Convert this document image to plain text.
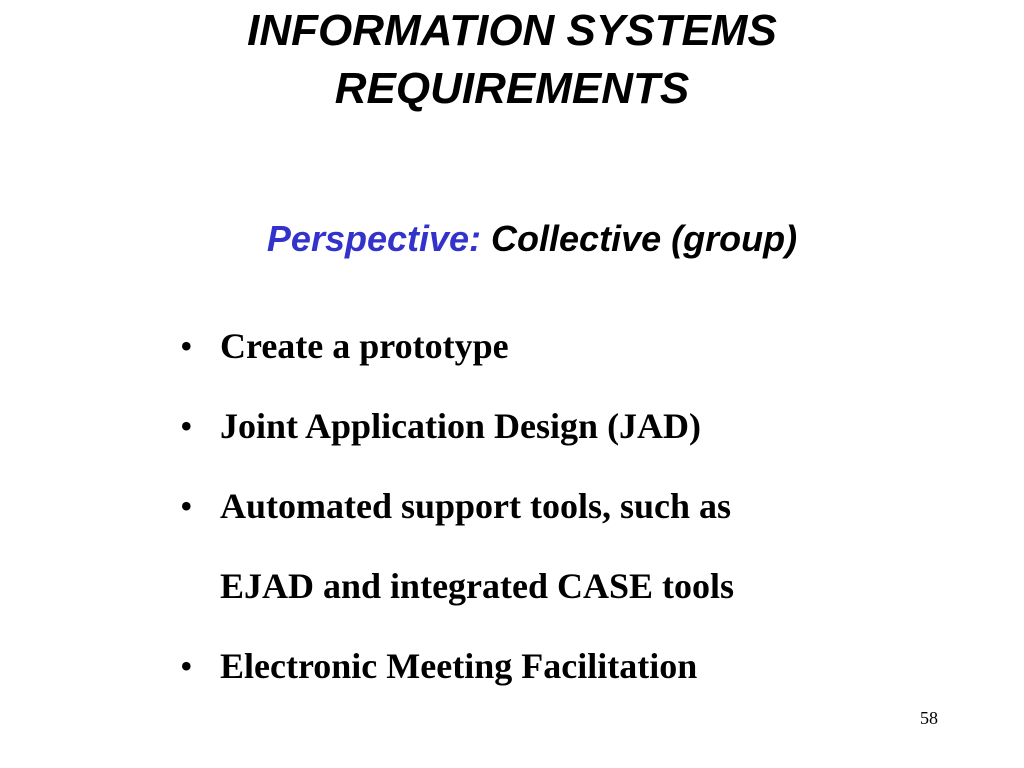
INFORMATION SYSTEMS
REQUIREMENTS
Perspective: Collective (group)
• Create a prototype
• Joint Application Design (JAD)
• Automated support tools, such as
EJAD and integrated CASE tools
• Electronic Meeting Facilitation
58
